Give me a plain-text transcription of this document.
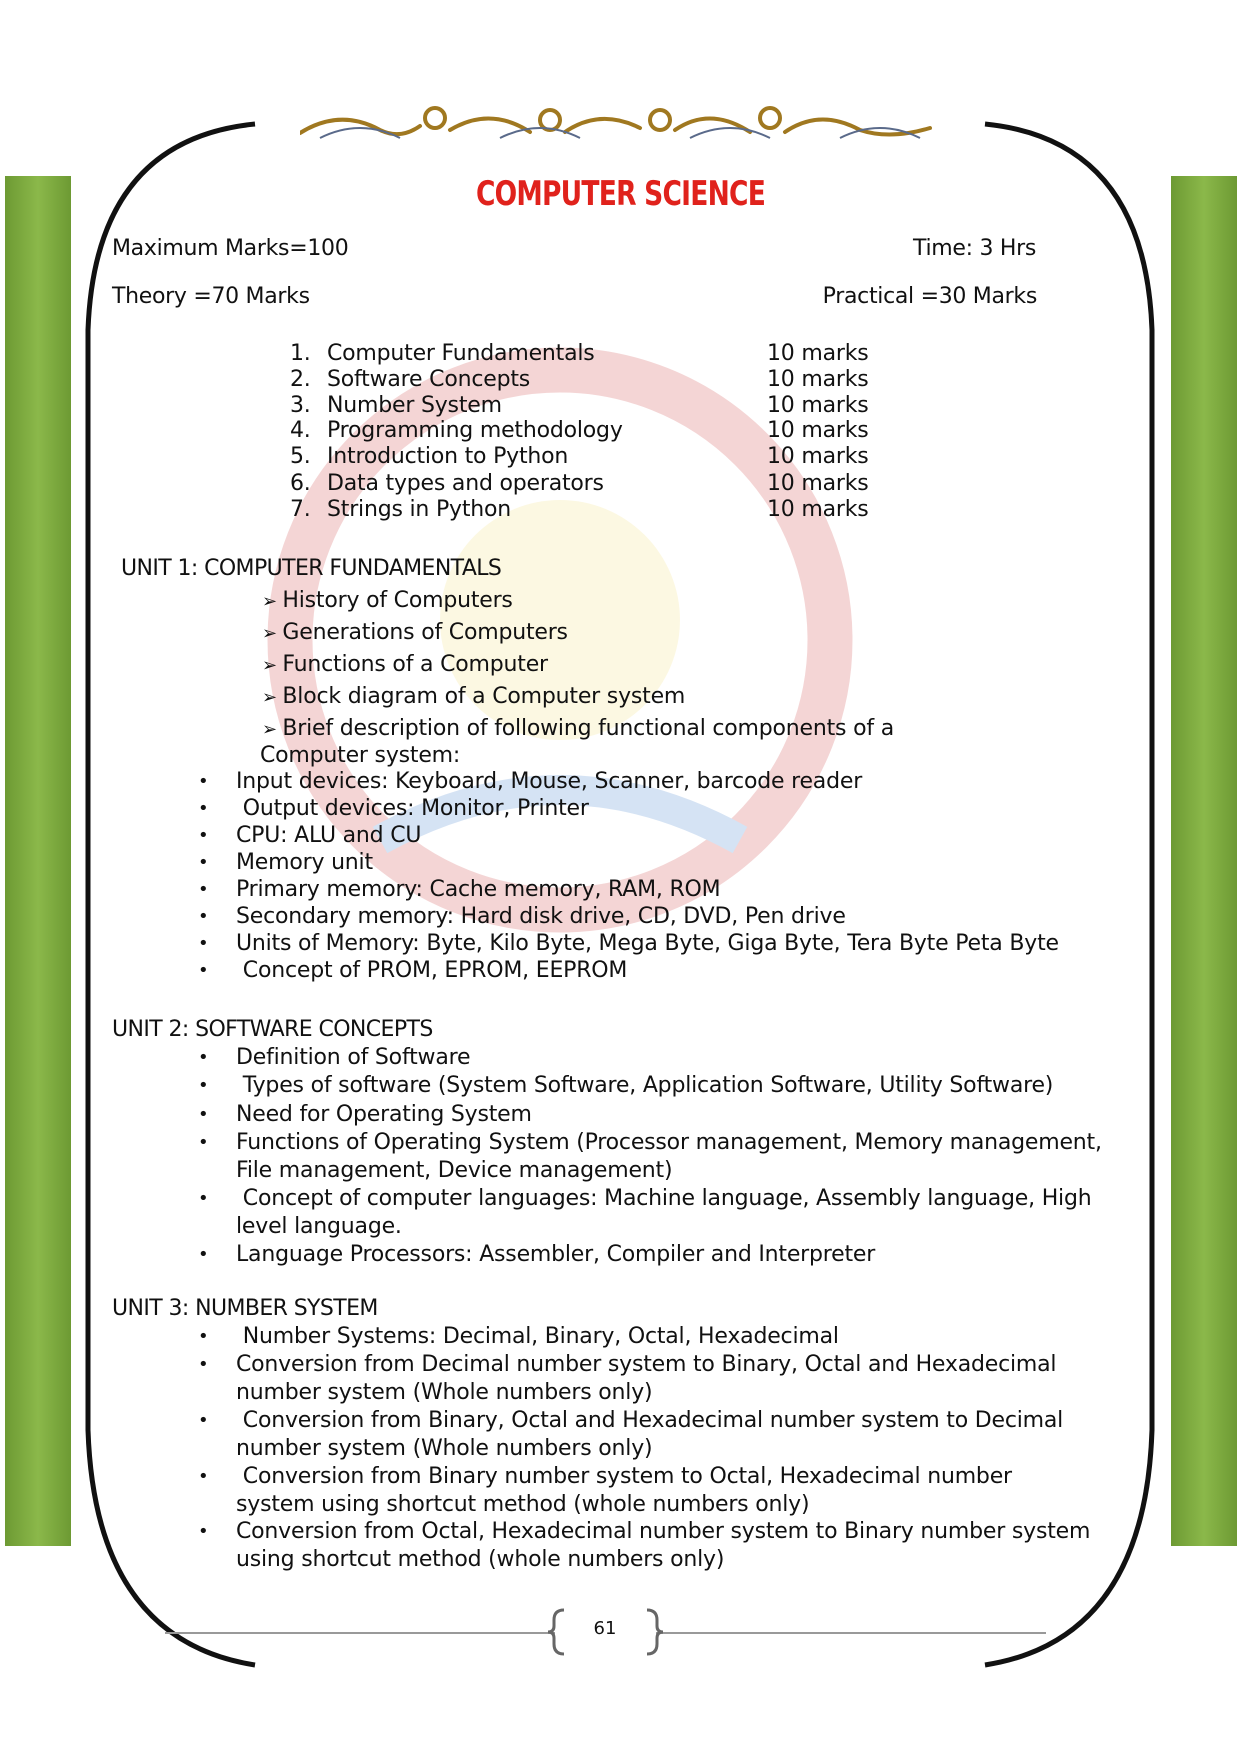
COMPUTER SCIENCE
Maximum Marks=100	Time: 3 Hrs
Theory =70 Marks	Practical =30 Marks
1. Computer Fundamentals	10 marks
2. Software Concepts	10 marks
3. Number System	10 marks
4. Programming methodology	10 marks
5. Introduction to Python	10 marks
6. Data types and operators	10 marks
7. Strings in Python	10 marks
UNIT 1: COMPUTER FUNDAMENTALS
➢ History of Computers
➢ Generations of Computers
➢ Functions of a Computer
➢ Block diagram of a Computer system
➢ Brief description of following functional components of a
Computer system:
• Input devices: Keyboard, Mouse, Scanner, barcode reader
• Output devices: Monitor, Printer
• CPU: ALU and CU
• Memory unit
• Primary memory: Cache memory, RAM, ROM
• Secondary memory: Hard disk drive, CD, DVD, Pen drive
• Units of Memory: Byte, Kilo Byte, Mega Byte, Giga Byte, Tera Byte Peta Byte
• Concept of PROM, EPROM, EEPROM
UNIT 2: SOFTWARE CONCEPTS
• Definition of Software
• Types of software (System Software, Application Software, Utility Software)
• Need for Operating System
• Functions of Operating System (Processor management, Memory management,
File management, Device management)
• Concept of computer languages: Machine language, Assembly language, High
level language.
• Language Processors: Assembler, Compiler and Interpreter
UNIT 3: NUMBER SYSTEM
• Number Systems: Decimal, Binary, Octal, Hexadecimal
• Conversion from Decimal number system to Binary, Octal and Hexadecimal
number system (Whole numbers only)
• Conversion from Binary, Octal and Hexadecimal number system to Decimal
number system (Whole numbers only)
• Conversion from Binary number system to Octal, Hexadecimal number
system using shortcut method (whole numbers only)
• Conversion from Octal, Hexadecimal number system to Binary number system
using shortcut method (whole numbers only)
61
